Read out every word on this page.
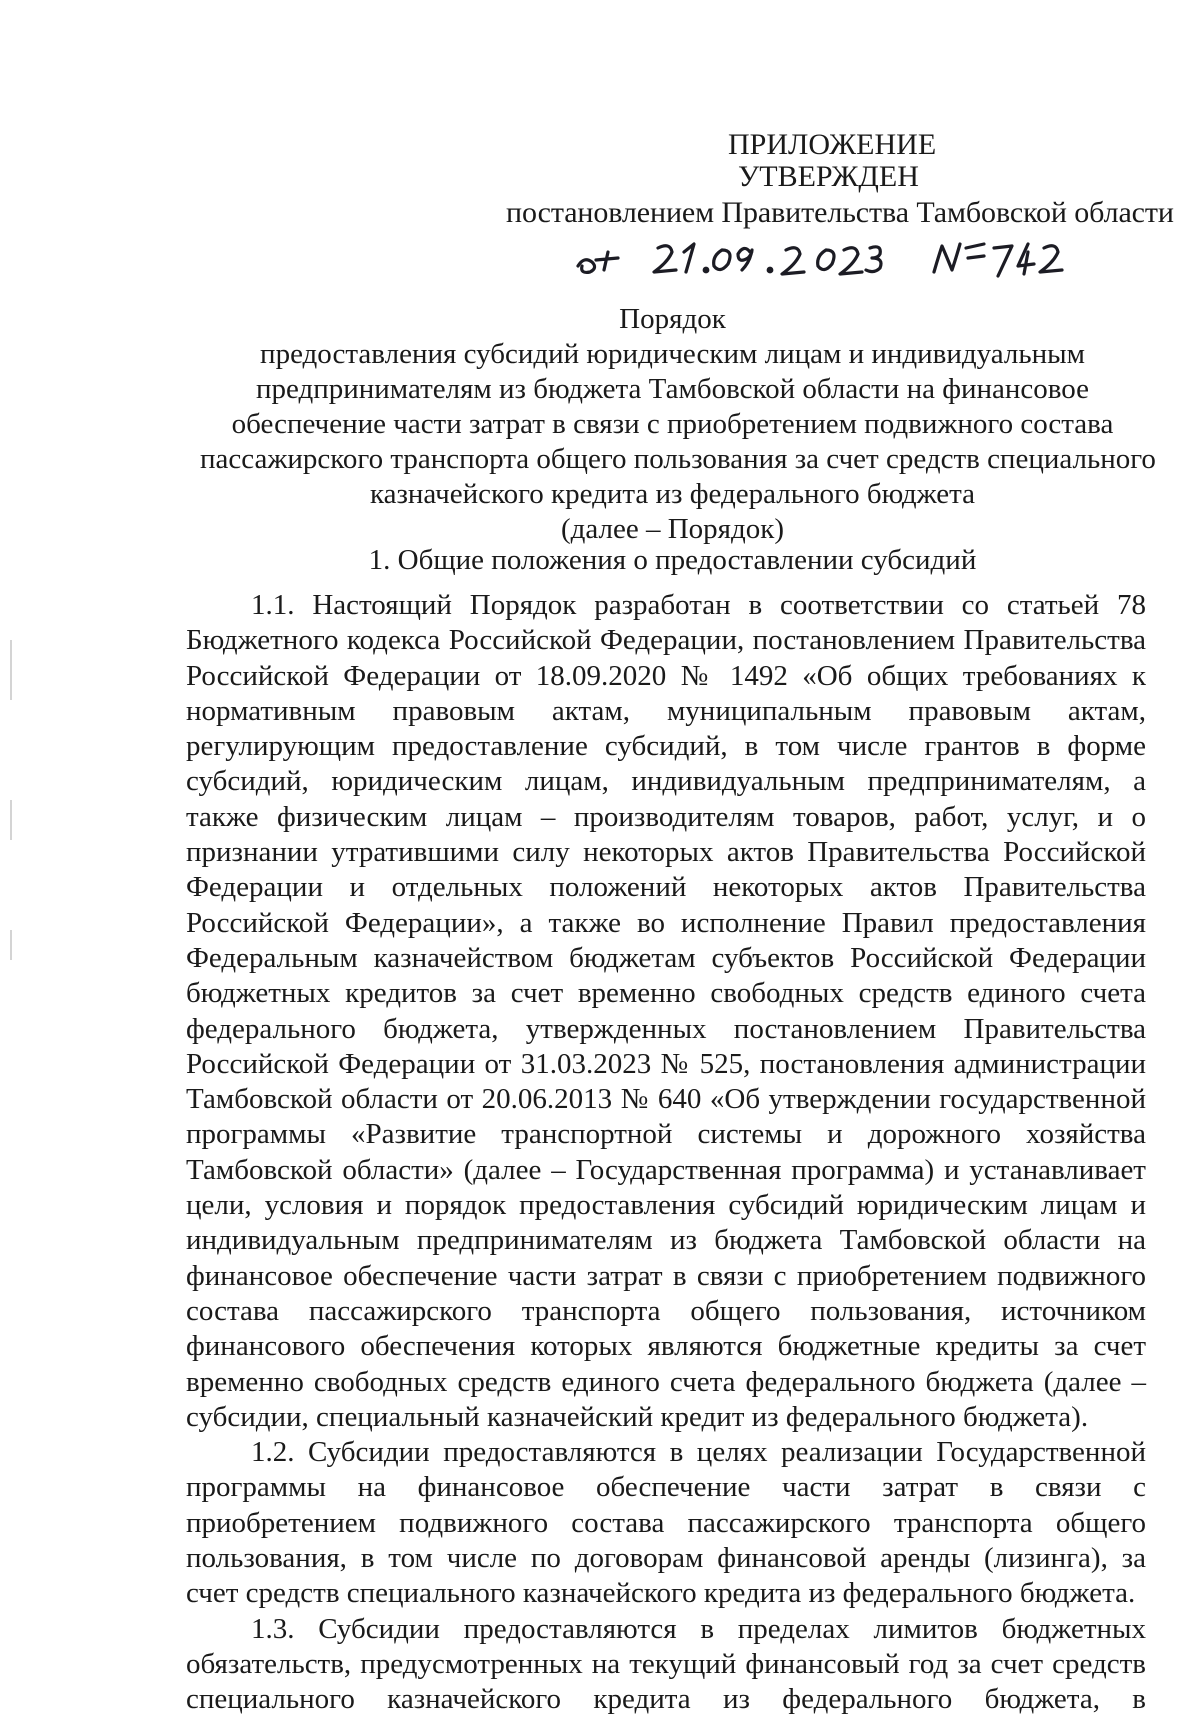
ПРИЛОЖЕНИЕ
УТВЕРЖДЕН
постановлением Правительства Тамбовской области
Порядок
предоставления субсидий юридическим лицам и индивидуальным
предпринимателям из бюджета Тамбовской области на финансовое
обеспечение части затрат в связи с приобретением подвижного состава
пассажирского транспорта общего пользования за счет средств специального
казначейского кредита из федерального бюджета
(далее – Порядок)
1. Общие положения о предоставлении субсидий

1.1. Настоящий Порядок разработан в соответствии со статьей 78 Бюджетного кодекса Российской Федерации, постановлением Правительства Российской Федерации от 18.09.2020 № 1492 «Об общих требованиях к нормативным правовым актам, муниципальным правовым актам, регулирующим предоставление субсидий, в том числе грантов в форме субсидий, юридическим лицам, индивидуальным предпринимателям, а также физическим лицам – производителям товаров, работ, услуг, и о признании утратившими силу некоторых актов Правительства Российской Федерации и отдельных положений некоторых актов Правительства Российской Федерации», а также во исполнение Правил предоставления Федеральным казначейством бюджетам субъектов Российской Федерации бюджетных кредитов за счет временно свободных средств единого счета федерального бюджета, утвержденных постановлением Правительства Российской Федерации от 31.03.2023 № 525, постановления администрации Тамбовской области от 20.06.2013 № 640 «Об утверждении государственной программы «Развитие транспортной системы и дорожного хозяйства Тамбовской области» (далее – Государственная программа) и устанавливает цели, условия и порядок предоставления субсидий юридическим лицам и индивидуальным предпринимателям из бюджета Тамбовской области на финансовое обеспечение части затрат в связи с приобретением подвижного состава пассажирского транспорта общего пользования, источником финансового обеспечения которых являются бюджетные кредиты за счет временно свободных средств единого счета федерального бюджета (далее – субсидии, специальный казначейский кредит из федерального бюджета).

1.2. Субсидии предоставляются в целях реализации Государственной программы на финансовое обеспечение части затрат в связи с приобретением подвижного состава пассажирского транспорта общего пользования, в том числе по договорам финансовой аренды (лизинга), за счет средств специального казначейского кредита из федерального бюджета.

1.3. Субсидии предоставляются в пределах лимитов бюджетных обязательств, предусмотренных на текущий финансовый год за счет средств специального казначейского кредита из федерального бюджета, в
